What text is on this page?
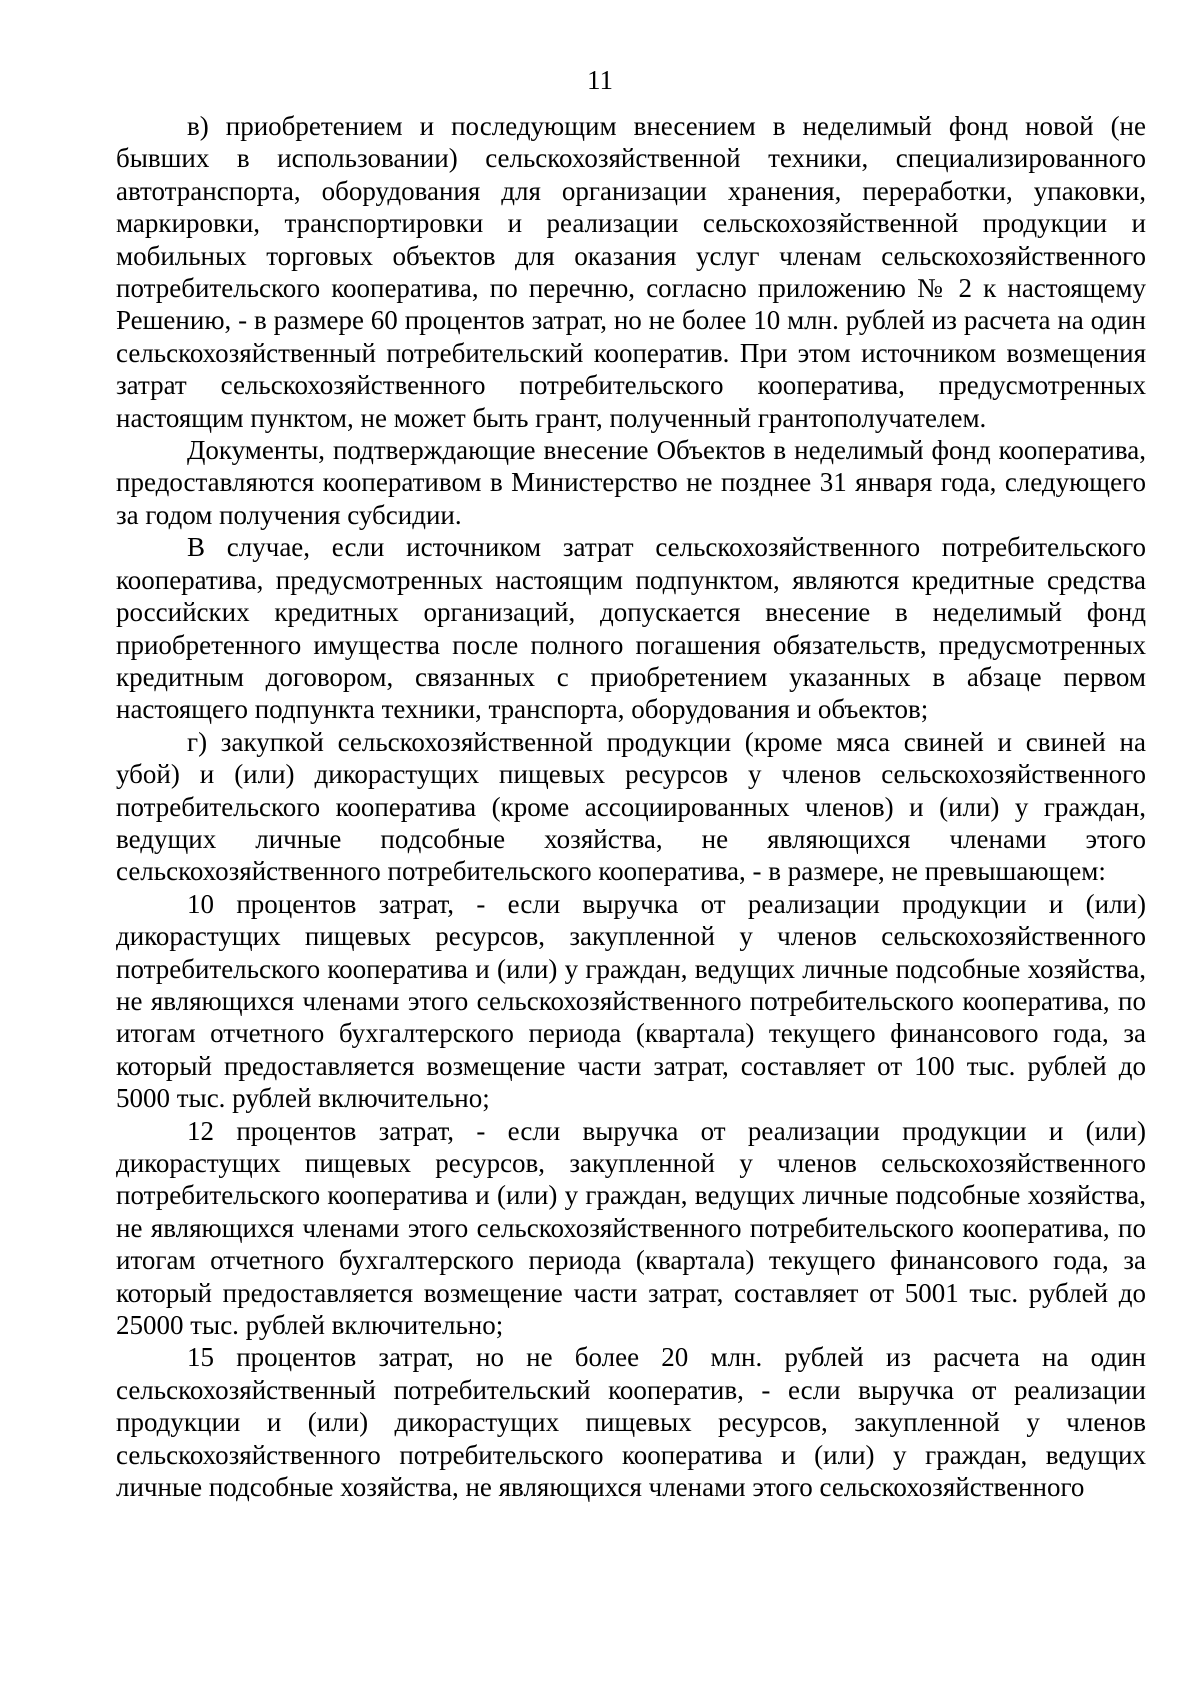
11

в) приобретением и последующим внесением в неделимый фонд новой (не бывших в использовании) сельскохозяйственной техники, специализированного автотранспорта, оборудования для организации хранения, переработки, упаковки, маркировки, транспортировки и реализации сельскохозяйственной продукции и мобильных торговых объектов для оказания услуг членам сельскохозяйственного потребительского кооператива, по перечню, согласно приложению № 2 к настоящему Решению, - в размере 60 процентов затрат, но не более 10 млн. рублей из расчета на один сельскохозяйственный потребительский кооператив. При этом источником возмещения затрат сельскохозяйственного потребительского кооператива, предусмотренных настоящим пунктом, не может быть грант, полученный грантополучателем.

Документы, подтверждающие внесение Объектов в неделимый фонд кооператива, предоставляются кооперативом в Министерство не позднее 31 января года, следующего за годом получения субсидии.

В случае, если источником затрат сельскохозяйственного потребительского кооператива, предусмотренных настоящим подпунктом, являются кредитные средства российских кредитных организаций, допускается внесение в неделимый фонд приобретенного имущества после полного погашения обязательств, предусмотренных кредитным договором, связанных с приобретением указанных в абзаце первом настоящего подпункта техники, транспорта, оборудования и объектов;

г) закупкой сельскохозяйственной продукции (кроме мяса свиней и свиней на убой) и (или) дикорастущих пищевых ресурсов у членов сельскохозяйственного потребительского кооператива (кроме ассоциированных членов) и (или) у граждан, ведущих личные подсобные хозяйства, не являющихся членами этого сельскохозяйственного потребительского кооператива, - в размере, не превышающем:

10 процентов затрат, - если выручка от реализации продукции и (или) дикорастущих пищевых ресурсов, закупленной у членов сельскохозяйственного потребительского кооператива и (или) у граждан, ведущих личные подсобные хозяйства, не являющихся членами этого сельскохозяйственного потребительского кооператива, по итогам отчетного бухгалтерского периода (квартала) текущего финансового года, за который предоставляется возмещение части затрат, составляет от 100 тыс. рублей до 5000 тыс. рублей включительно;

12 процентов затрат, - если выручка от реализации продукции и (или) дикорастущих пищевых ресурсов, закупленной у членов сельскохозяйственного потребительского кооператива и (или) у граждан, ведущих личные подсобные хозяйства, не являющихся членами этого сельскохозяйственного потребительского кооператива, по итогам отчетного бухгалтерского периода (квартала) текущего финансового года, за который предоставляется возмещение части затрат, составляет от 5001 тыс. рублей до 25000 тыс. рублей включительно;

15 процентов затрат, но не более 20 млн. рублей из расчета на один сельскохозяйственный потребительский кооператив, - если выручка от реализации продукции и (или) дикорастущих пищевых ресурсов, закупленной у членов сельскохозяйственного потребительского кооператива и (или) у граждан, ведущих личные подсобные хозяйства, не являющихся членами этого сельскохозяйственного
